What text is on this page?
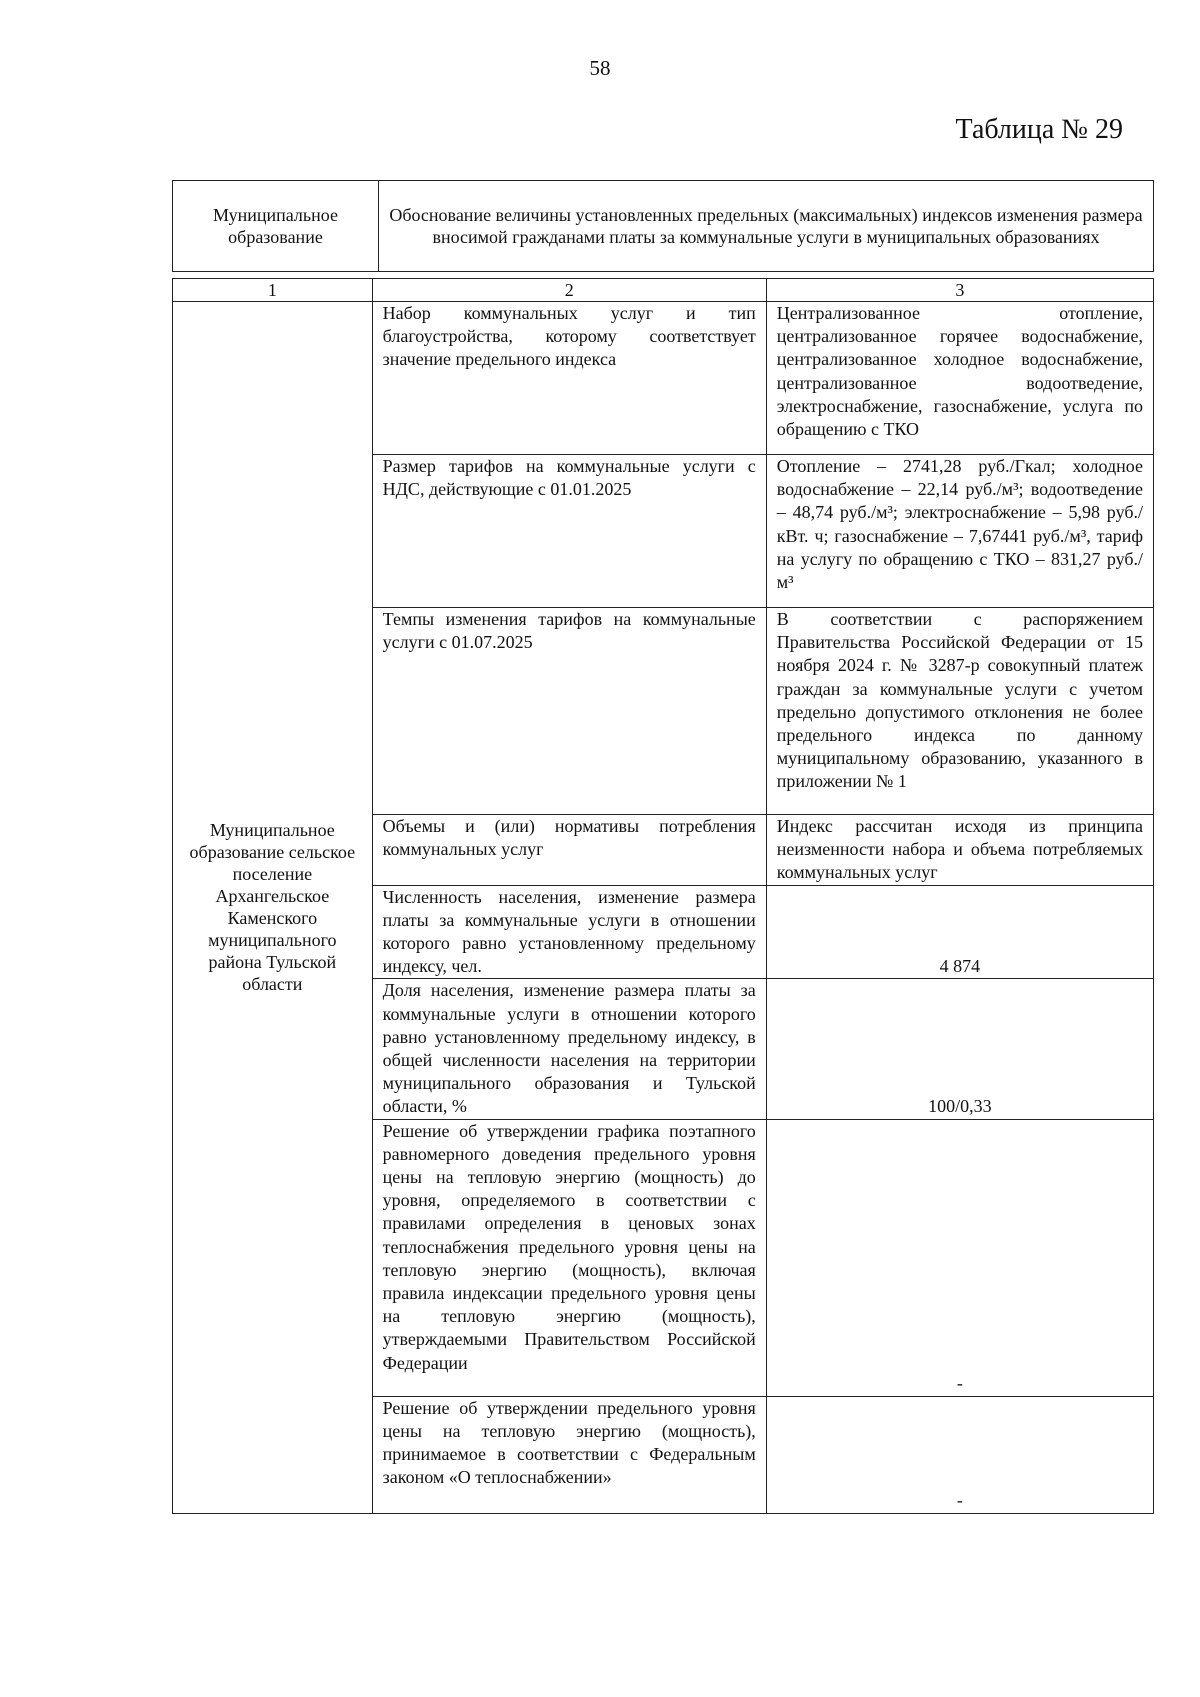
58
Таблица № 29
Муниципальное образование	Обоснование величины установленных предельных (максимальных) индексов изменения размера вносимой гражданами платы за коммунальные услуги в муниципальных образованиях
1	2	3
Муниципальное образование сельское поселение Архангельское Каменского муниципального района Тульской области	Набор коммунальных услуг и тип благоустройства, которому соответствует значение предельного индекса	Централизованное отопление, централизованное горячее водоснабжение, централизованное холодное водоснабжение, централизованное водоотведение, электроснабжение, газоснабжение, услуга по обращению с ТКО
	Размер тарифов на коммунальные услуги с НДС, действующие с 01.01.2025	Отопление – 2741,28 руб./Гкал; холодное водоснабжение – 22,14 руб./м³; водоотведение – 48,74 руб./м³; электроснабжение – 5,98 руб./кВт. ч; газоснабжение – 7,67441 руб./м³, тариф на услугу по обращению с ТКО – 831,27 руб./м³
	Темпы изменения тарифов на коммунальные услуги с 01.07.2025	В соответствии с распоряжением Правительства Российской Федерации от 15 ноября 2024 г. № 3287-р совокупный платеж граждан за коммунальные услуги с учетом предельно допустимого отклонения не более предельного индекса по данному муниципальному образованию, указанного в приложении № 1
	Объемы и (или) нормативы потребления коммунальных услуг	Индекс рассчитан исходя из принципа неизменности набора и объема потребляемых коммунальных услуг
	Численность населения, изменение размера платы за коммунальные услуги в отношении которого равно установленному предельному индексу, чел.	4 874
	Доля населения, изменение размера платы за коммунальные услуги в отношении которого равно установленному предельному индексу, в общей численности населения на территории муниципального образования и Тульской области, %	100/0,33
	Решение об утверждении графика поэтапного равномерного доведения предельного уровня цены на тепловую энергию (мощность) до уровня, определяемого в соответствии с правилами определения в ценовых зонах теплоснабжения предельного уровня цены на тепловую энергию (мощность), включая правила индексации предельного уровня цены на тепловую энергию (мощность), утверждаемыми Правительством Российской Федерации	-
	Решение об утверждении предельного уровня цены на тепловую энергию (мощность), принимаемое в соответствии с Федеральным законом «О теплоснабжении»	-
